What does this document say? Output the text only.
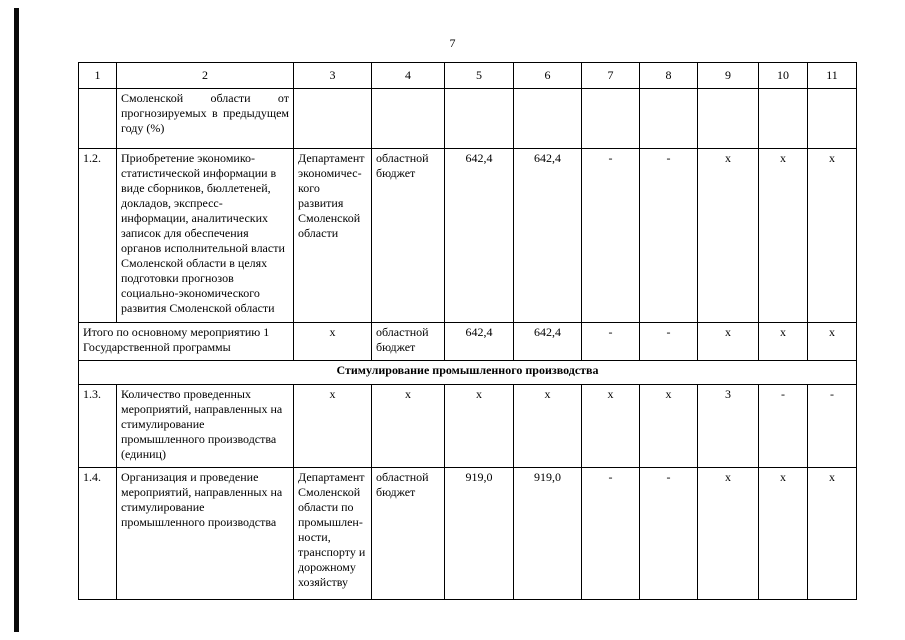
7
1	2	3	4	5	6	7	8	9	10	11
	Смоленской области от прогнозируемых в предыдущем году (%)									
1.2.	Приобретение экономико-статистической информации в виде сборников, бюллетеней, докладов, экспресс-информации, аналитических записок для обеспечения органов исполнительной власти Смоленской области в целях подготовки прогнозов социально-экономического развития Смоленской области	Департамент экономичес-кого развития Смоленской области	областной бюджет	642,4	642,4	-	-	х	х	х
Итого по основному мероприятию 1 Государственной программы		х	областной бюджет	642,4	642,4	-	-	х	х	х
Стимулирование промышленного производства										
1.3.	Количество проведенных мероприятий, направленных на стимулирование промышленного производства (единиц)	х	х	х	х	х	х	3	-	-
1.4.	Организация и проведение мероприятий, направленных на стимулирование промышленного производства	Департамент Смоленской области по промышлен-ности, транспорту и дорожному хозяйству	областной бюджет	919,0	919,0	-	-	х	х	х
